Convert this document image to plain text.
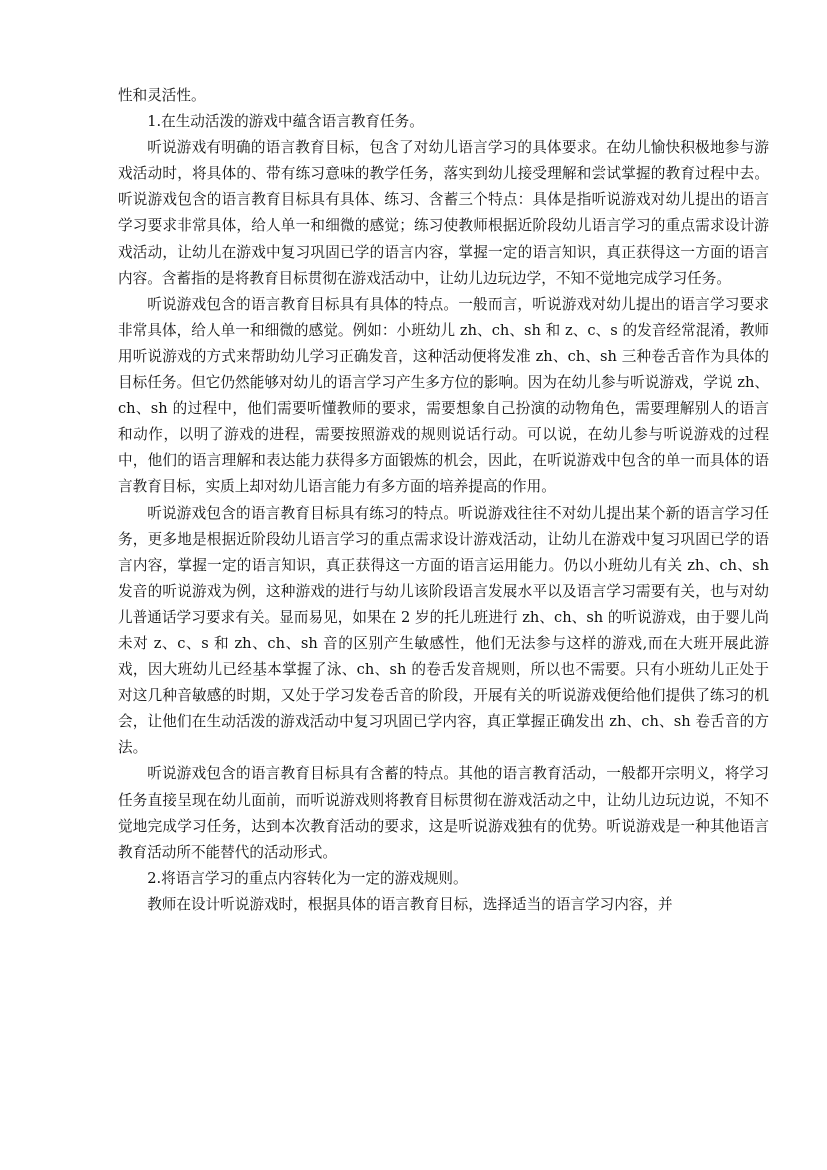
性和灵活性。

1.在生动活泼的游戏中蕴含语言教育任务。

听说游戏有明确的语言教育目标，包含了对幼儿语言学习的具体要求。在幼儿愉快积极地参与游戏活动时，将具体的、带有练习意味的教学任务，落实到幼儿接受理解和尝试掌握的教育过程中去。听说游戏包含的语言教育目标具有具体、练习、含蓄三个特点：具体是指听说游戏对幼儿提出的语言学习要求非常具体，给人单一和细微的感觉；练习使教师根据近阶段幼儿语言学习的重点需求设计游戏活动，让幼儿在游戏中复习巩固已学的语言内容，掌握一定的语言知识，真正获得这一方面的语言内容。含蓄指的是将教育目标贯彻在游戏活动中，让幼儿边玩边学，不知不觉地完成学习任务。

听说游戏包含的语言教育目标具有具体的特点。一般而言，听说游戏对幼儿提出的语言学习要求非常具体，给人单一和细微的感觉。例如：小班幼儿 zh、ch、sh 和 z、c、s 的发音经常混淆，教师用听说游戏的方式来帮助幼儿学习正确发音，这种活动便将发准 zh、ch、sh 三种卷舌音作为具体的目标任务。但它仍然能够对幼儿的语言学习产生多方位的影响。因为在幼儿参与听说游戏，学说 zh、ch、sh 的过程中，他们需要听懂教师的要求，需要想象自己扮演的动物角色，需要理解别人的语言和动作，以明了游戏的进程，需要按照游戏的规则说话行动。可以说，在幼儿参与听说游戏的过程中，他们的语言理解和表达能力获得多方面锻炼的机会，因此，在听说游戏中包含的单一而具体的语言教育目标，实质上却对幼儿语言能力有多方面的培养提高的作用。

听说游戏包含的语言教育目标具有练习的特点。听说游戏往往不对幼儿提出某个新的语言学习任务，更多地是根据近阶段幼儿语言学习的重点需求设计游戏活动，让幼儿在游戏中复习巩固已学的语言内容，掌握一定的语言知识，真正获得这一方面的语言运用能力。仍以小班幼儿有关 zh、ch、sh 发音的听说游戏为例，这种游戏的进行与幼儿该阶段语言发展水平以及语言学习需要有关，也与对幼儿普通话学习要求有关。显而易见，如果在 2 岁的托儿班进行 zh、ch、sh 的听说游戏，由于婴儿尚未对 z、c、s 和 zh、ch、sh 音的区别产生敏感性，他们无法参与这样的游戏,而在大班开展此游戏，因大班幼儿已经基本掌握了泳、ch、sh 的卷舌发音规则，所以也不需要。只有小班幼儿正处于对这几种音敏感的时期，又处于学习发卷舌音的阶段，开展有关的听说游戏便给他们提供了练习的机会，让他们在生动活泼的游戏活动中复习巩固已学内容，真正掌握正确发出 zh、ch、sh 卷舌音的方法。

听说游戏包含的语言教育目标具有含蓄的特点。其他的语言教育活动，一般都开宗明义，将学习任务直接呈现在幼儿面前，而听说游戏则将教育目标贯彻在游戏活动之中，让幼儿边玩边说，不知不觉地完成学习任务，达到本次教育活动的要求，这是听说游戏独有的优势。听说游戏是一种其他语言教育活动所不能替代的活动形式。

2.将语言学习的重点内容转化为一定的游戏规则。

教师在设计听说游戏时，根据具体的语言教育目标，选择适当的语言学习内容，并
